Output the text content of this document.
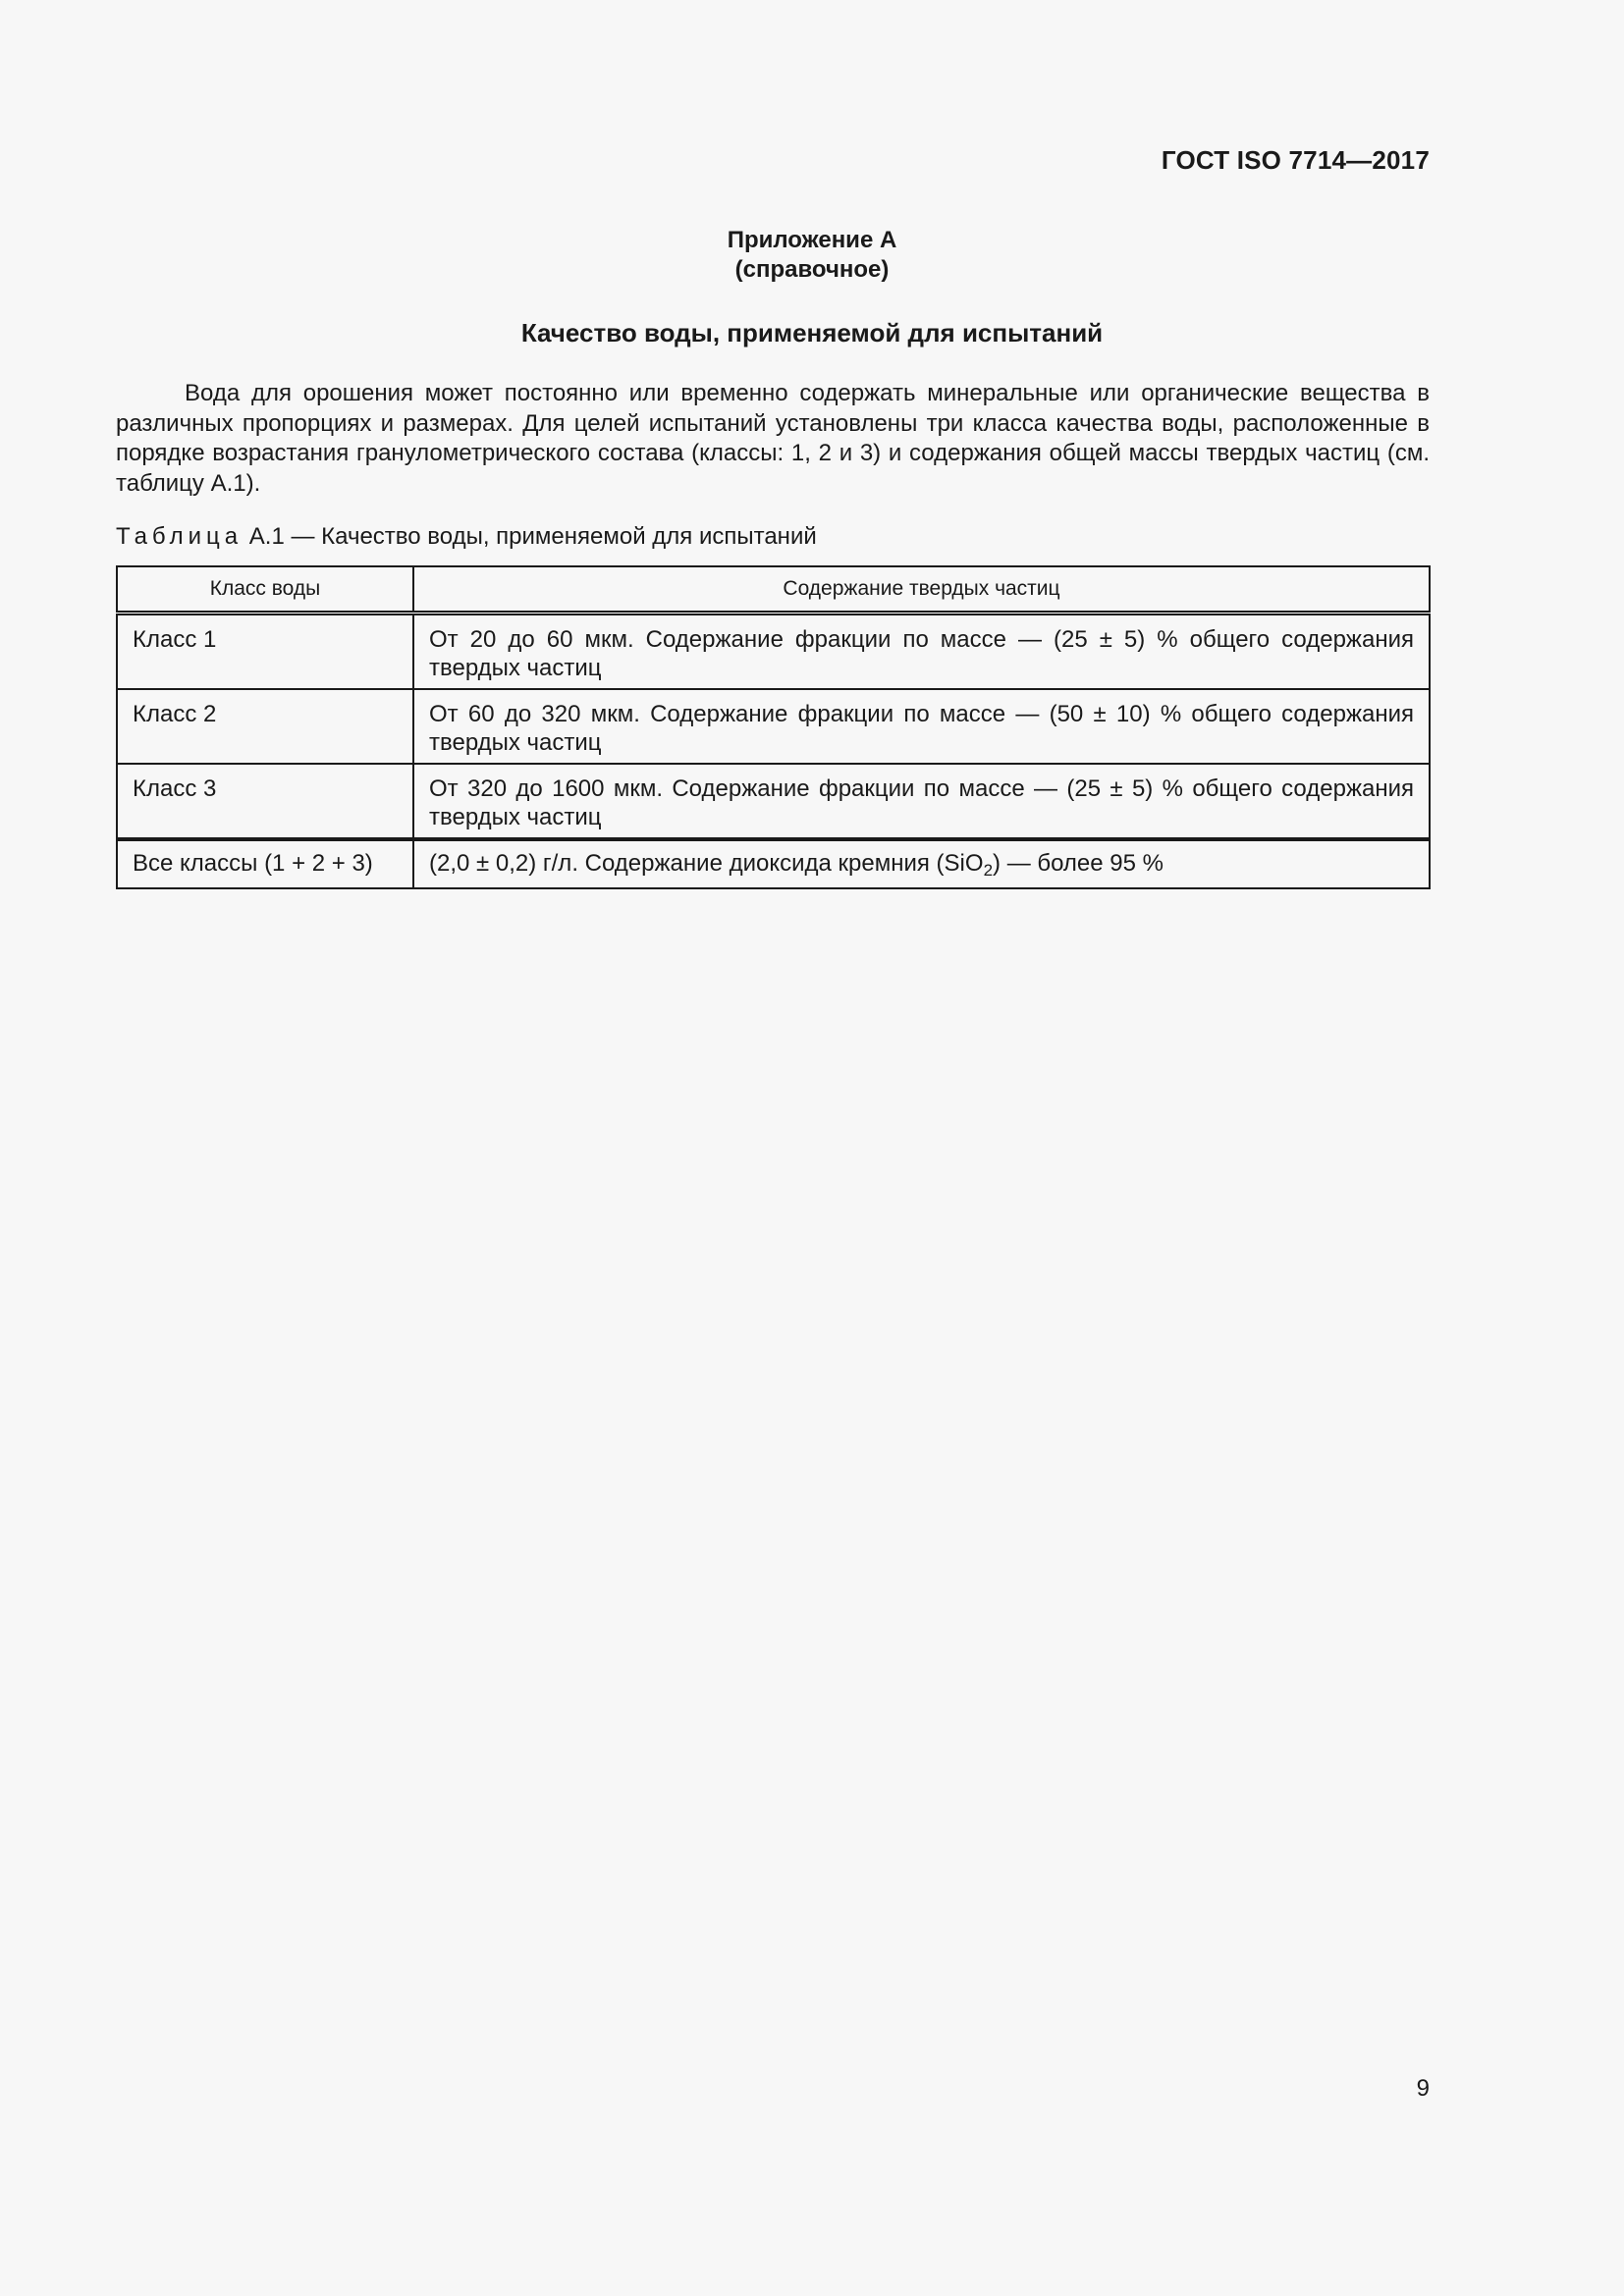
ГОСТ ISO 7714—2017
Приложение А
(справочное)
Качество воды, применяемой для испытаний

Вода для орошения может постоянно или временно содержать минеральные или органические вещества в различных пропорциях и размерах. Для целей испытаний установлены три класса качества воды, расположенные в порядке возрастания гранулометрического состава (классы: 1, 2 и 3) и содержания общей массы твердых частиц (см. таблицу А.1).

Таблица А.1 — Качество воды, применяемой для испытаний
Класс воды	Содержание твердых частиц
Класс 1	От 20 до 60 мкм. Содержание фракции по массе — (25 ± 5) % общего содержания твердых частиц
Класс 2	От 60 до 320 мкм. Содержание фракции по массе — (50 ± 10) % общего содержания твердых частиц
Класс 3	От 320 до 1600 мкм. Содержание фракции по массе — (25 ± 5) % общего содержания твердых частиц
Все классы (1 + 2 + 3)	(2,0 ± 0,2) г/л. Содержание диоксида кремния (SiO$_2$) — более 95 %
9
